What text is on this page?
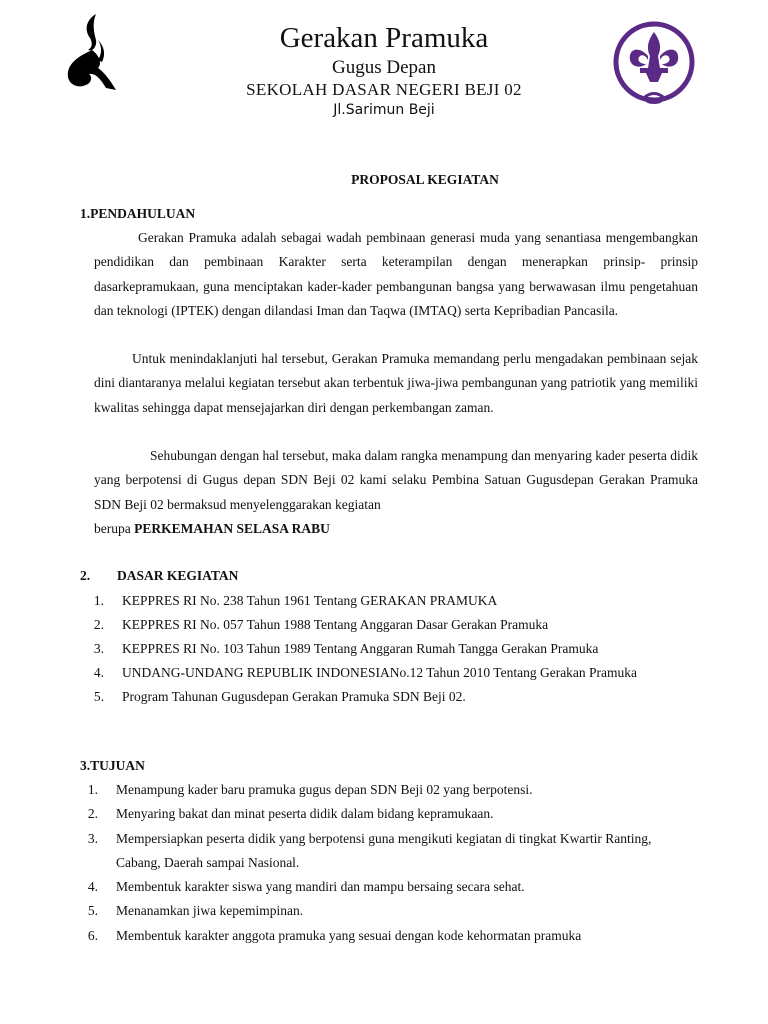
Gerakan Pramuka
Gugus Depan
SEKOLAH DASAR NEGERI BEJI 02
Jl.Sarimun Beji
PROPOSAL KEGIATAN
1.PENDAHULUAN

Gerakan Pramuka adalah sebagai wadah pembinaan generasi muda yang senantiasa mengembangkan pendidikan dan pembinaan Karakter serta keterampilan dengan menerapkan prinsip- prinsip dasarkepramukaan, guna menciptakan kader-kader pembangunan bangsa yang berwawasan ilmu pengetahuan dan teknologi (IPTEK) dengan dilandasi Iman dan Taqwa (IMTAQ) serta Kepribadian Pancasila.

Untuk menindaklanjuti hal tersebut, Gerakan Pramuka memandang perlu mengadakan pembinaan sejak dini diantaranya melalui kegiatan tersebut akan terbentuk jiwa-jiwa pembangunan yang patriotik yang memiliki kwalitas sehingga dapat mensejajarkan diri dengan perkembangan zaman.

Sehubungan dengan hal tersebut, maka dalam rangka menampung dan menyaring kader peserta didik yang berpotensi di Gugus depan SDN Beji 02 kami selaku Pembina Satuan Gugusdepan Gerakan Pramuka SDN Beji 02 bermaksud menyelenggarakan kegiatan

berupa PERKEMAHAN SELASA RABU
2. DASAR KEGIATAN
1. KEPPRES RI No. 238 Tahun 1961 Tentang GERAKAN PRAMUKA
2. KEPPRES RI No. 057 Tahun 1988 Tentang Anggaran Dasar Gerakan Pramuka
3. KEPPRES RI No. 103 Tahun 1989 Tentang Anggaran Rumah Tangga Gerakan Pramuka
4. UNDANG-UNDANG REPUBLIK INDONESIANo.12 Tahun 2010 Tentang Gerakan Pramuka
5. Program Tahunan Gugusdepan Gerakan Pramuka SDN Beji 02.
3.TUJUAN
1. Menampung kader baru pramuka gugus depan SDN Beji 02 yang berpotensi.
2. Menyaring bakat dan minat peserta didik dalam bidang kepramukaan.
3. Mempersiapkan peserta didik yang berpotensi guna mengikuti kegiatan di tingkat Kwartir Ranting, Cabang, Daerah sampai Nasional.
4. Membentuk karakter siswa yang mandiri dan mampu bersaing secara sehat.
5. Menanamkan jiwa kepemimpinan.
6. Membentuk karakter anggota pramuka yang sesuai dengan kode kehormatan pramuka
